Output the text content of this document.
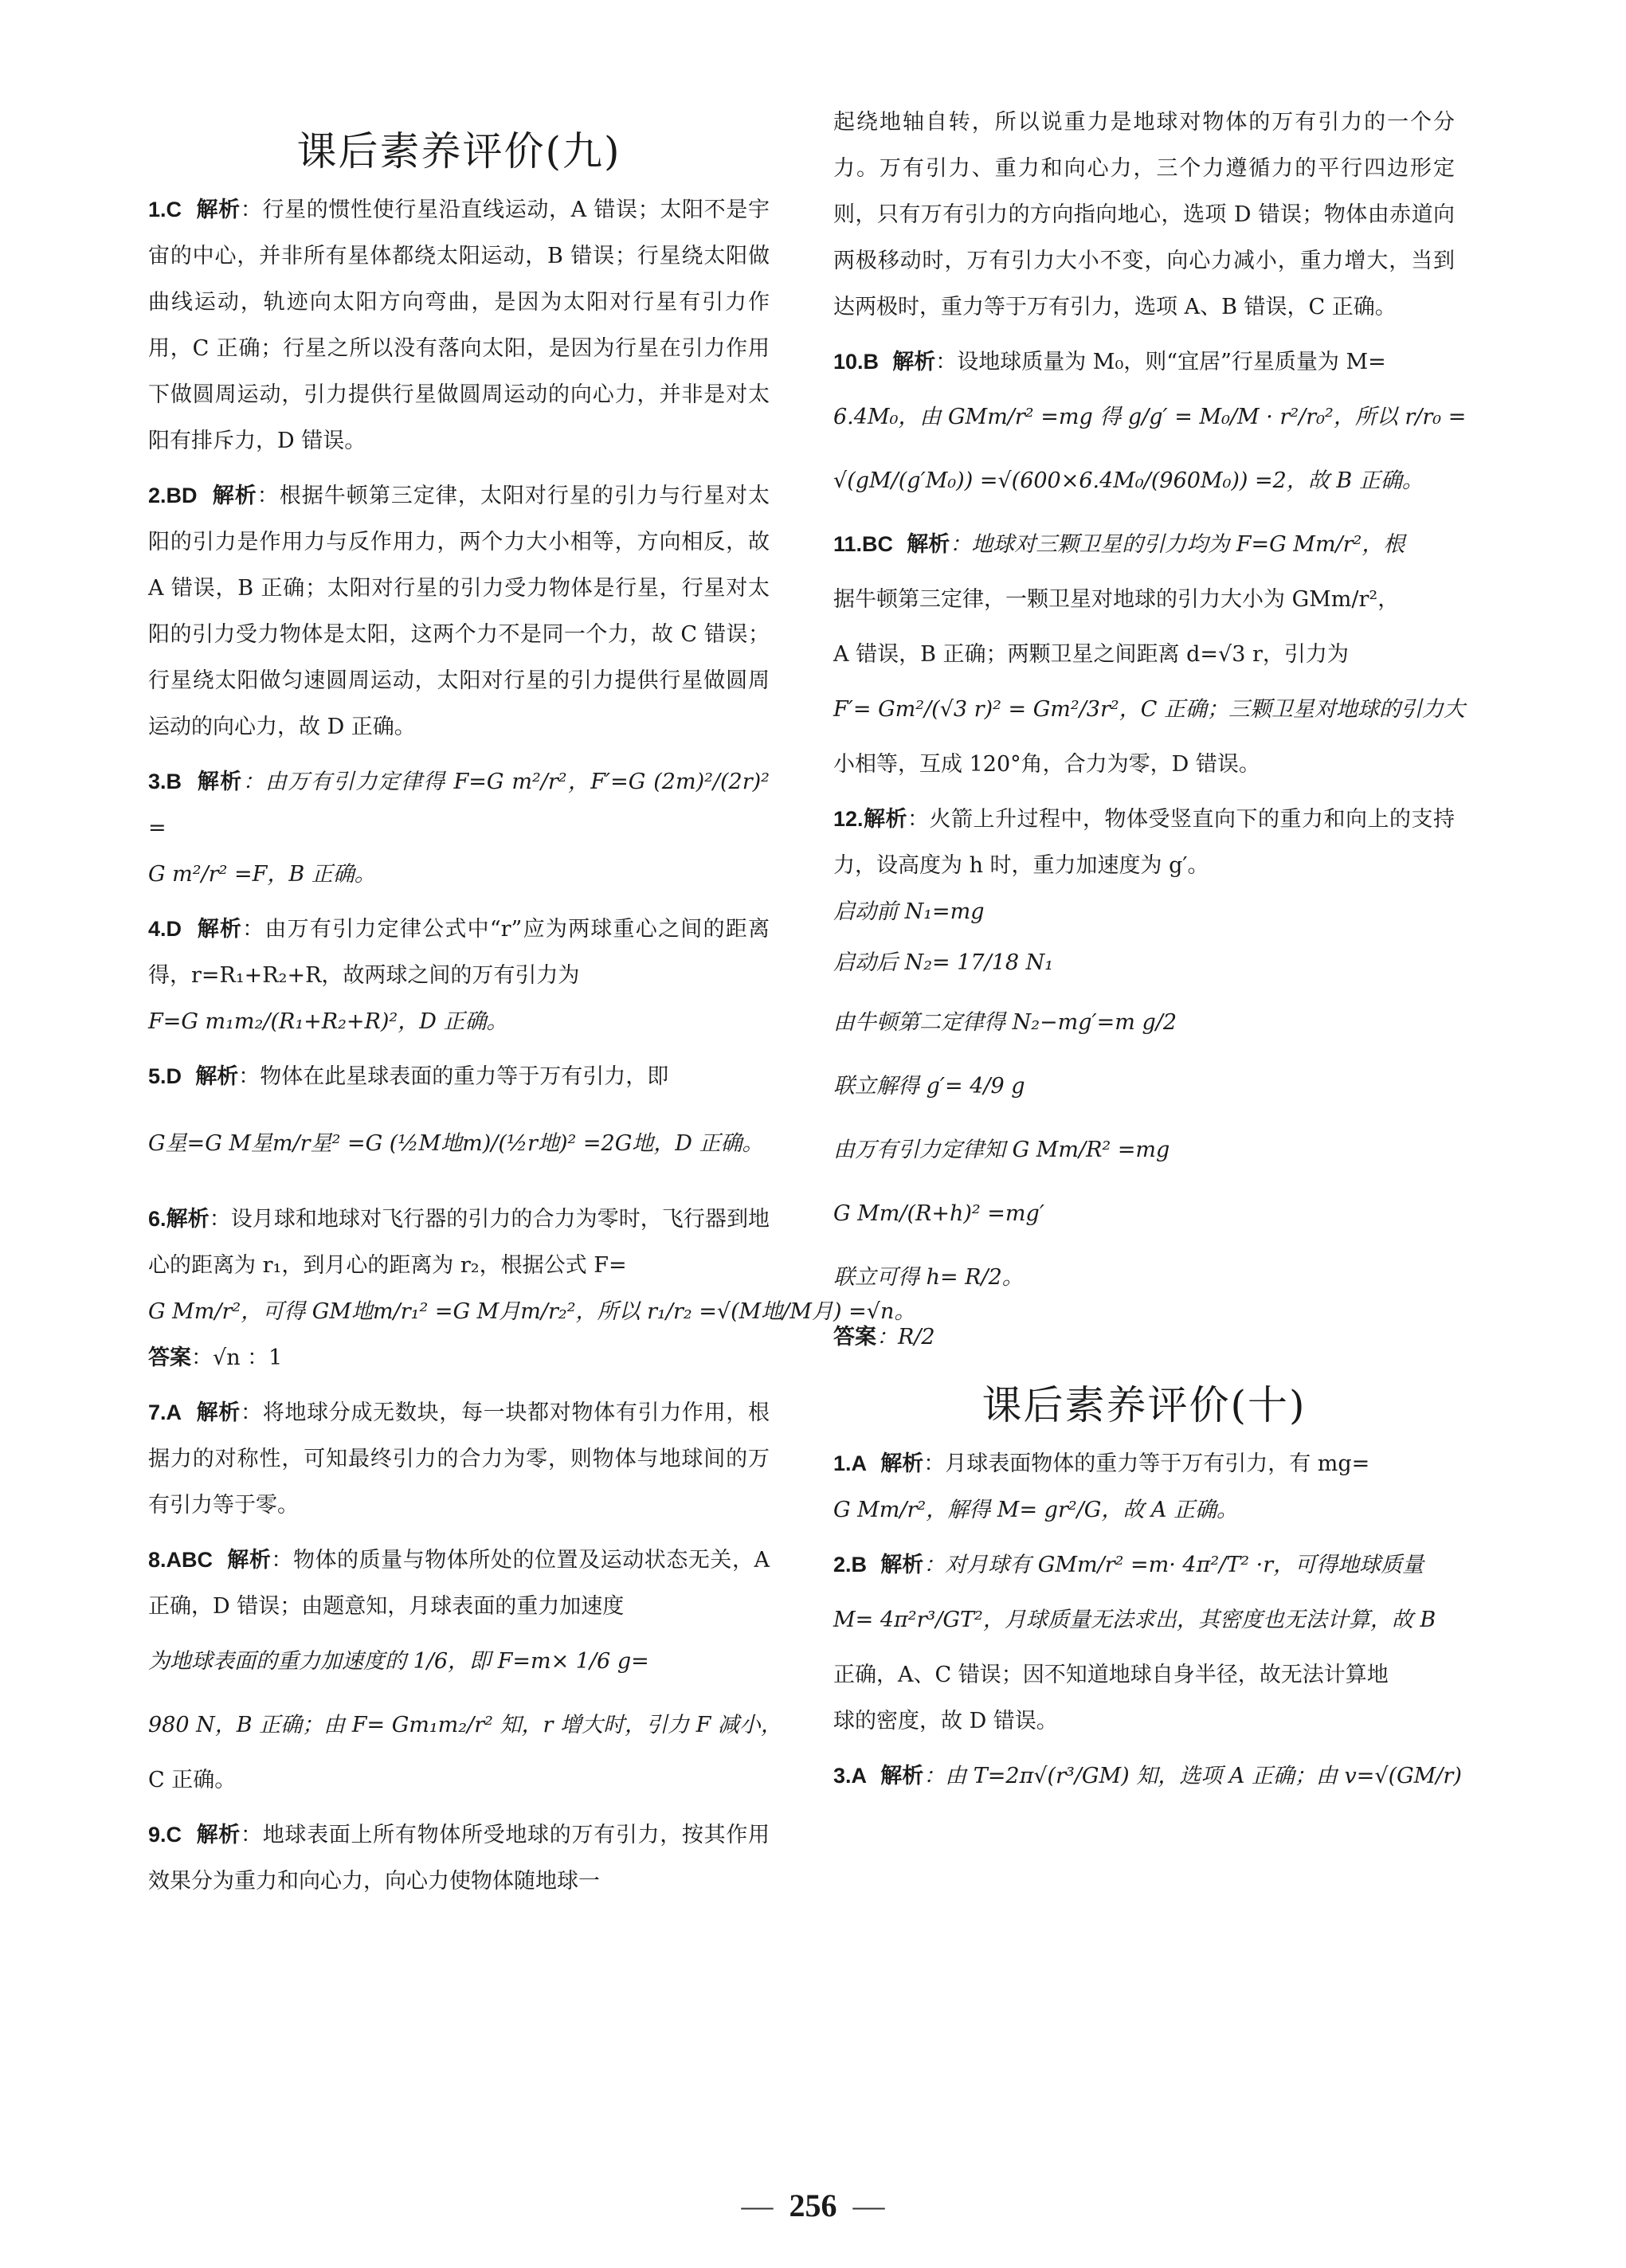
课后素养评价(九)

1.C 解析：行星的惯性使行星沿直线运动，A 错误；太阳不是宇宙的中心，并非所有星体都绕太阳运动，B 错误；行星绕太阳做曲线运动，轨迹向太阳方向弯曲，是因为太阳对行星有引力作用，C 正确；行星之所以没有落向太阳，是因为行星在引力作用下做圆周运动，引力提供行星做圆周运动的向心力，并非是对太阳有排斥力，D 错误。

2.BD 解析：根据牛顿第三定律，太阳对行星的引力与行星对太阳的引力是作用力与反作用力，两个力大小相等，方向相反，故 A 错误，B 正确；太阳对行星的引力受力物体是行星，行星对太阳的引力受力物体是太阳，这两个力不是同一个力，故 C 错误；行星绕太阳做匀速圆周运动，太阳对行星的引力提供行星做圆周运动的向心力，故 D 正确。

3.B 解析：由万有引力定律得 F=G m²/r²，F′=G (2m)²/(2r)² =

G m²/r² =F，B 正确。

4.D 解析：由万有引力定律公式中“r”应为两球重心之间的距离得，r=R₁+R₂+R，故两球之间的万有引力为

F=G m₁m₂/(R₁+R₂+R)²，D 正确。

5.D 解析：物体在此星球表面的重力等于万有引力，即

G星=G M星m/r星² =G (½M地m)/(½r地)² =2G地，D 正确。

6.解析：设月球和地球对飞行器的引力的合力为零时，飞行器到地心的距离为 r₁，到月心的距离为 r₂，根据公式 F=

G Mm/r²，可得 GM地m/r₁² =G M月m/r₂²，所以 r₁/r₂ =√(M地/M月) =√n。

答案：√n ：1

7.A 解析：将地球分成无数块，每一块都对物体有引力作用，根据力的对称性，可知最终引力的合力为零，则物体与地球间的万有引力等于零。

8.ABC 解析：物体的质量与物体所处的位置及运动状态无关，A 正确，D 错误；由题意知，月球表面的重力加速度

为地球表面的重力加速度的 1/6，即 F=m× 1/6 g=

980 N，B 正确；由 F= Gm₁m₂/r² 知，r 增大时，引力 F 减小，

C 正确。

9.C 解析：地球表面上所有物体所受地球的万有引力，按其作用效果分为重力和向心力，向心力使物体随地球一

起绕地轴自转，所以说重力是地球对物体的万有引力的一个分力。万有引力、重力和向心力，三个力遵循力的平行四边形定则，只有万有引力的方向指向地心，选项 D 错误；物体由赤道向两极移动时，万有引力大小不变，向心力减小，重力增大，当到达两极时，重力等于万有引力，选项 A、B 错误，C 正确。

10.B 解析：设地球质量为 M₀，则“宜居”行星质量为 M=

6.4M₀，由 GMm/r² =mg 得 g/g′ = M₀/M · r²/r₀²，所以 r/r₀ =

√(gM/(g′M₀)) =√(600×6.4M₀/(960M₀)) =2，故 B 正确。

11.BC 解析：地球对三颗卫星的引力均为 F=G Mm/r²，根

据牛顿第三定律，一颗卫星对地球的引力大小为 GMm/r²，

A 错误，B 正确；两颗卫星之间距离 d=√3 r，引力为

F′= Gm²/(√3 r)² = Gm²/3r²，C 正确；三颗卫星对地球的引力大

小相等，互成 120°角，合力为零，D 错误。

12.解析：火箭上升过程中，物体受竖直向下的重力和向上的支持力，设高度为 h 时，重力加速度为 g′。

启动前 N₁=mg

启动后 N₂= 17/18 N₁

由牛顿第二定律得 N₂−mg′=m g/2

联立解得 g′= 4/9 g

由万有引力定律知 G Mm/R² =mg

G Mm/(R+h)² =mg′

联立可得 h= R/2。

答案：R/2

课后素养评价(十)

1.A 解析：月球表面物体的重力等于万有引力，有 mg=

G Mm/r²，解得 M= gr²/G，故 A 正确。

2.B 解析：对月球有 GMm/r² =m· 4π²/T² ·r，可得地球质量

M= 4π²r³/GT²，月球质量无法求出，其密度也无法计算，故 B

正确，A、C 错误；因不知道地球自身半径，故无法计算地

球的密度，故 D 错误。

3.A 解析：由 T=2π√(r³/GM) 知，选项 A 正确；由 v=√(GM/r)

— 256 —
